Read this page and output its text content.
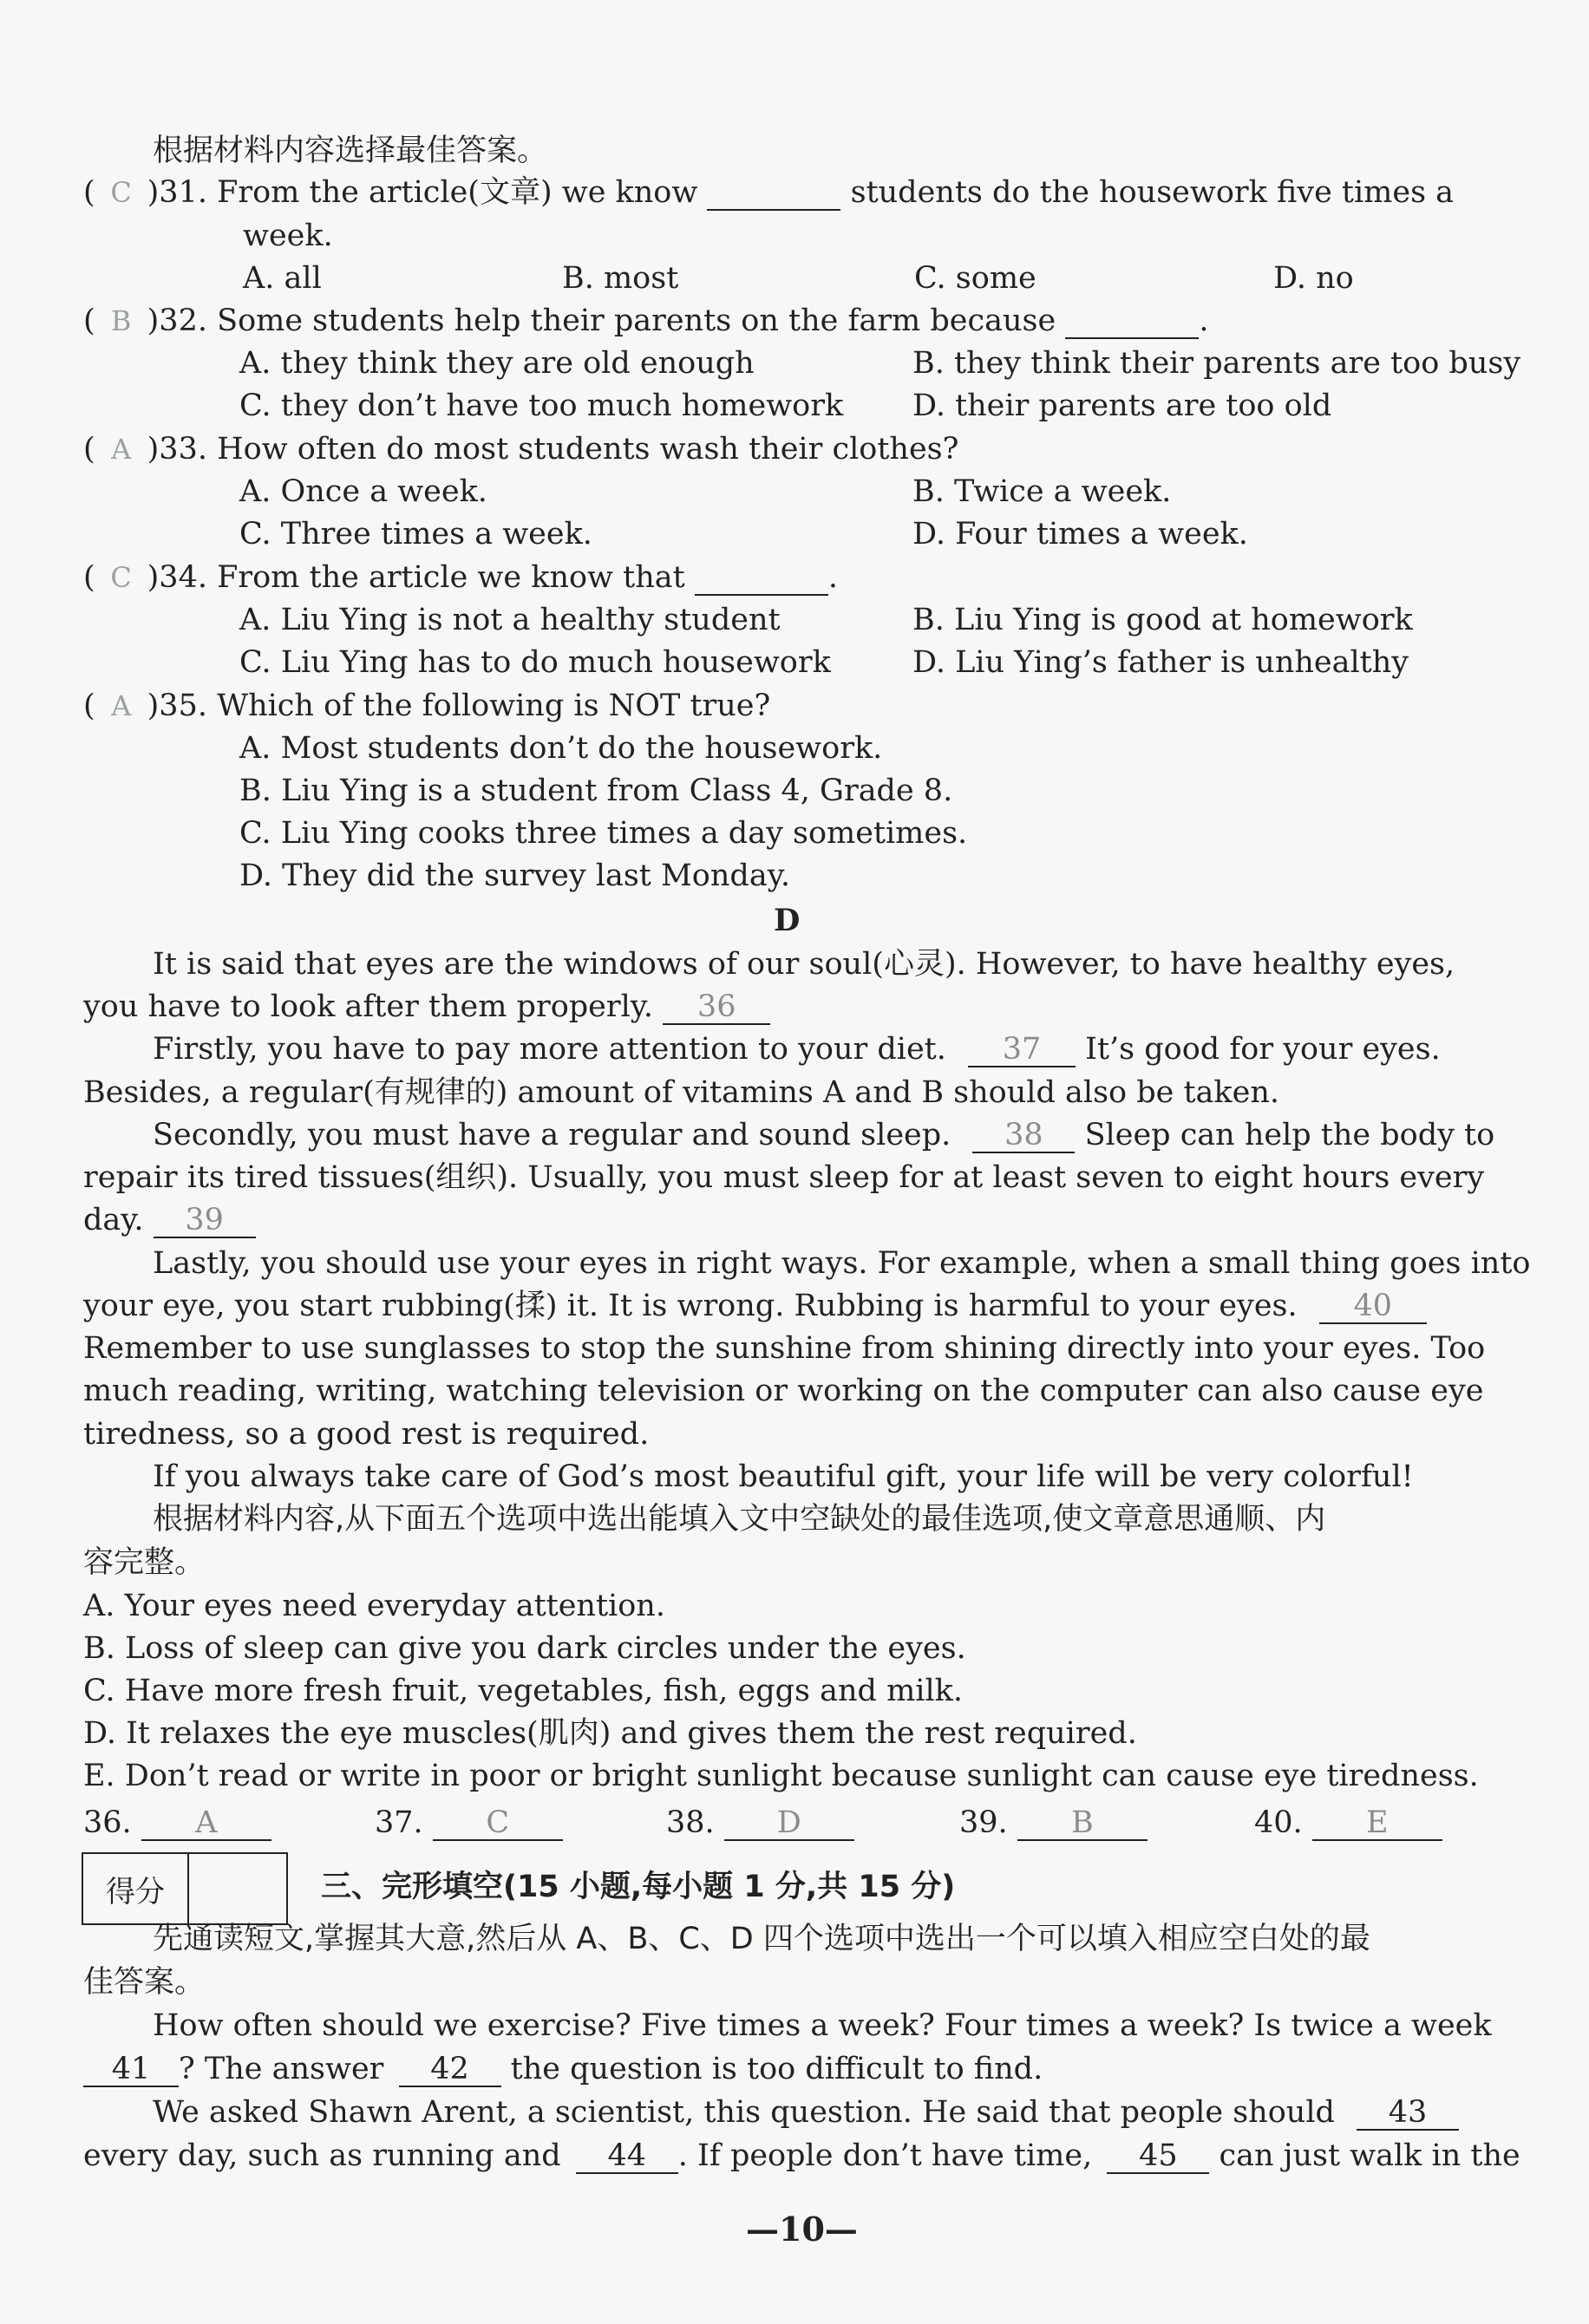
根据材料内容选择最佳答案。
( C )31. From the article(文章) we know	students do the housework five times a
week.
A. all	B. most	C. some	D. no
( B )32. Some students help their parents on the farm because	.
A. they think they are old enough	B. they think their parents are too busy
C. they don’t have too much homework D. their parents are too old
( A )33. How often do most students wash their clothes?
A. Once a week.	B. Twice a week.
C. Three times a week.	D. Four times a week.
( C )34. From the article we know that	.
A. Liu Ying is not a healthy student	B. Liu Ying is good at homework
C. Liu Ying has to do much housework	D. Liu Ying’s father is unhealthy
( A )35. Which of the following is NOT true?
A. Most students don’t do the housework.
B. Liu Ying is a student from Class 4, Grade 8.
C. Liu Ying cooks three times a day sometimes.
D. They did the survey last Monday.
D
It is said that eyes are the windows of our soul(心灵). However, to have healthy eyes,
you have to look after them properly. 36
Firstly, you have to pay more attention to your diet. 37 It’s good for your eyes.
Besides, a regular(有规律的) amount of vitamins A and B should also be taken.
Secondly, you must have a regular and sound sleep. 38 Sleep can help the body to
repair its tired tissues(组织). Usually, you must sleep for at least seven to eight hours every
day. 39
Lastly, you should use your eyes in right ways. For example, when a small thing goes into
your eye, you start rubbing(揉) it. It is wrong. Rubbing is harmful to your eyes. 40
Remember to use sunglasses to stop the sunshine from shining directly into your eyes. Too
much reading, writing, watching television or working on the computer can also cause eye
tiredness, so a good rest is required.
If you always take care of God’s most beautiful gift, your life will be very colorful!
根据材料内容,从下面五个选项中选出能填入文中空缺处的最佳选项,使文章意思通顺、内
容完整。
A. Your eyes need everyday attention.
B. Loss of sleep can give you dark circles under the eyes.
C. Have more fresh fruit, vegetables, fish, eggs and milk.
D. It relaxes the eye muscles(肌肉) and gives them the rest required.
E. Don’t read or write in poor or bright sunlight because sunlight can cause eye tiredness.
36. A	37. C	38. D	39. B	40. E
得分	三、完形填空(15 小题,每小题 1 分,共 15 分)
先通读短文,掌握其大意,然后从 A、B、C、D 四个选项中选出一个可以填入相应空白处的最
佳答案。
How often should we exercise? Five times a week? Four times a week? Is twice a week
41 ? The answer 42 the question is too difficult to find.
We asked Shawn Arent, a scientist, this question. He said that people should 43
every day, such as running and 44 . If people don’t have time, 45 can just walk in the
—10—
